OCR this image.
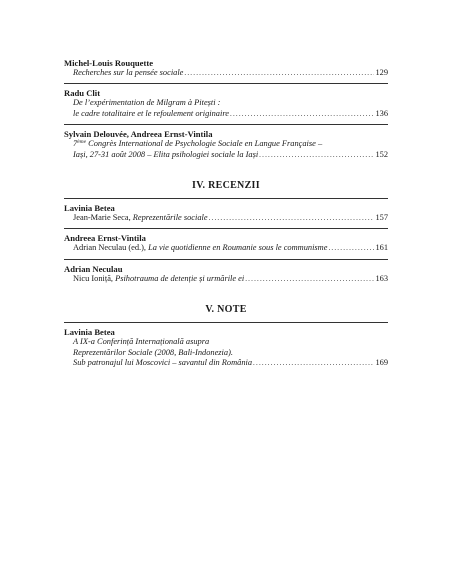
Michel-Louis Rouquette
Recherches sur la pensée sociale .....	129
Radu Clit
De l’expérimentation de Milgram à Pitești :
le cadre totalitaire et le refoulement originaire .....	136
Sylvain Delouvée, Andreea Ernst-Vintila
7ème Congrès International de Psychologie Sociale en Langue Française –
Iași, 27-31 août 2008 – Elita psihologiei sociale la Iași .....	152
IV. RECENZII
Lavinia Betea
Jean-Marie Seca, Reprezentările sociale .....	157
Andreea Ernst-Vintila
Adrian Neculau (ed.), La vie quotidienne en Roumanie sous le communisme .....	161
Adrian Neculau
Nicu Ioniță, Psihotrauma de detenție și urmările ei .....	163
V. NOTE
Lavinia Betea
A IX-a Conferință Internațională asupra
Reprezentărilor Sociale (2008, Bali-Indonezia).
Sub patronajul lui Moscovici – savantul din România .....	169
